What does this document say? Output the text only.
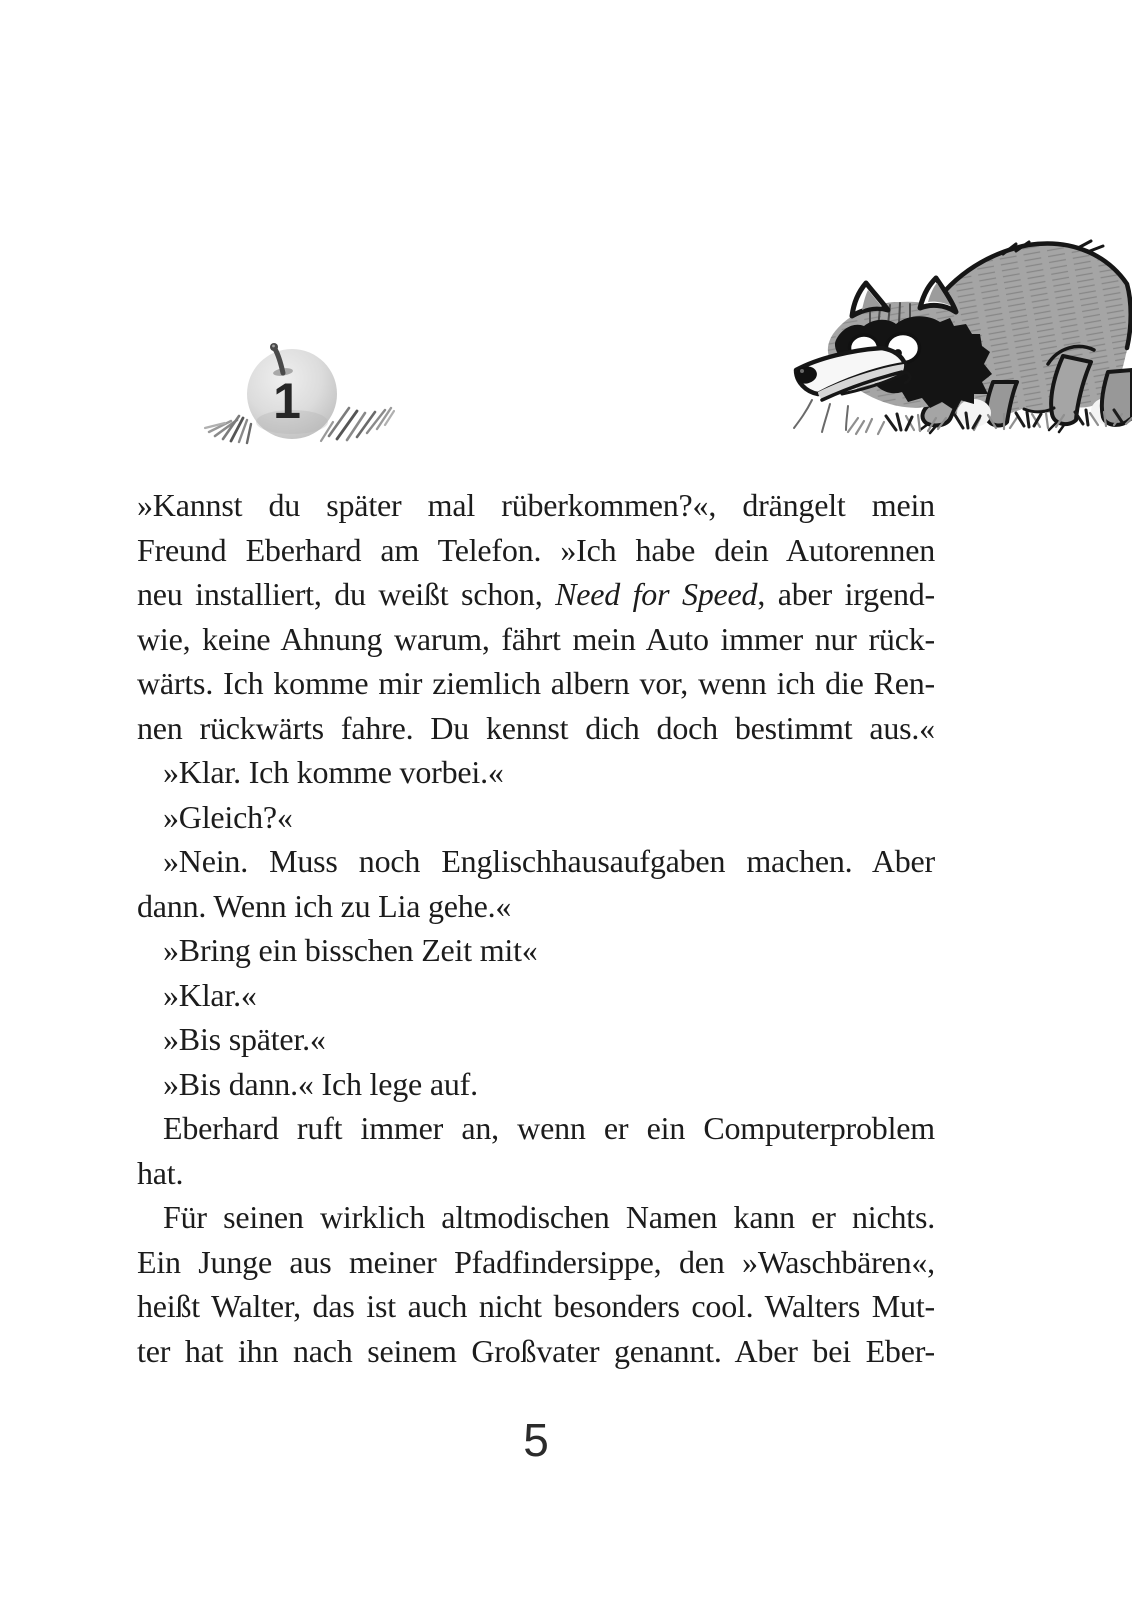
1
»Kannst du später mal rüberkommen?«, drängelt mein
Freund Eberhard am Telefon. »Ich habe dein Autorennen
neu installiert, du weißt schon, Need for Speed, aber irgend-
wie, keine Ahnung warum, fährt mein Auto immer nur rück-
wärts. Ich komme mir ziemlich albern vor, wenn ich die Ren-
nen rückwärts fahre. Du kennst dich doch bestimmt aus.«
»Klar. Ich komme vorbei.«
»Gleich?«
»Nein. Muss noch Englischhausaufgaben machen. Aber
dann. Wenn ich zu Lia gehe.«
»Bring ein bisschen Zeit mit«
»Klar.«
»Bis später.«
»Bis dann.« Ich lege auf.
Eberhard ruft immer an, wenn er ein Computerproblem
hat.
Für seinen wirklich altmodischen Namen kann er nichts.
Ein Junge aus meiner Pfadfindersippe, den »Waschbären«,
heißt Walter, das ist auch nicht besonders cool. Walters Mut-
ter hat ihn nach seinem Großvater genannt. Aber bei Eber-
5
